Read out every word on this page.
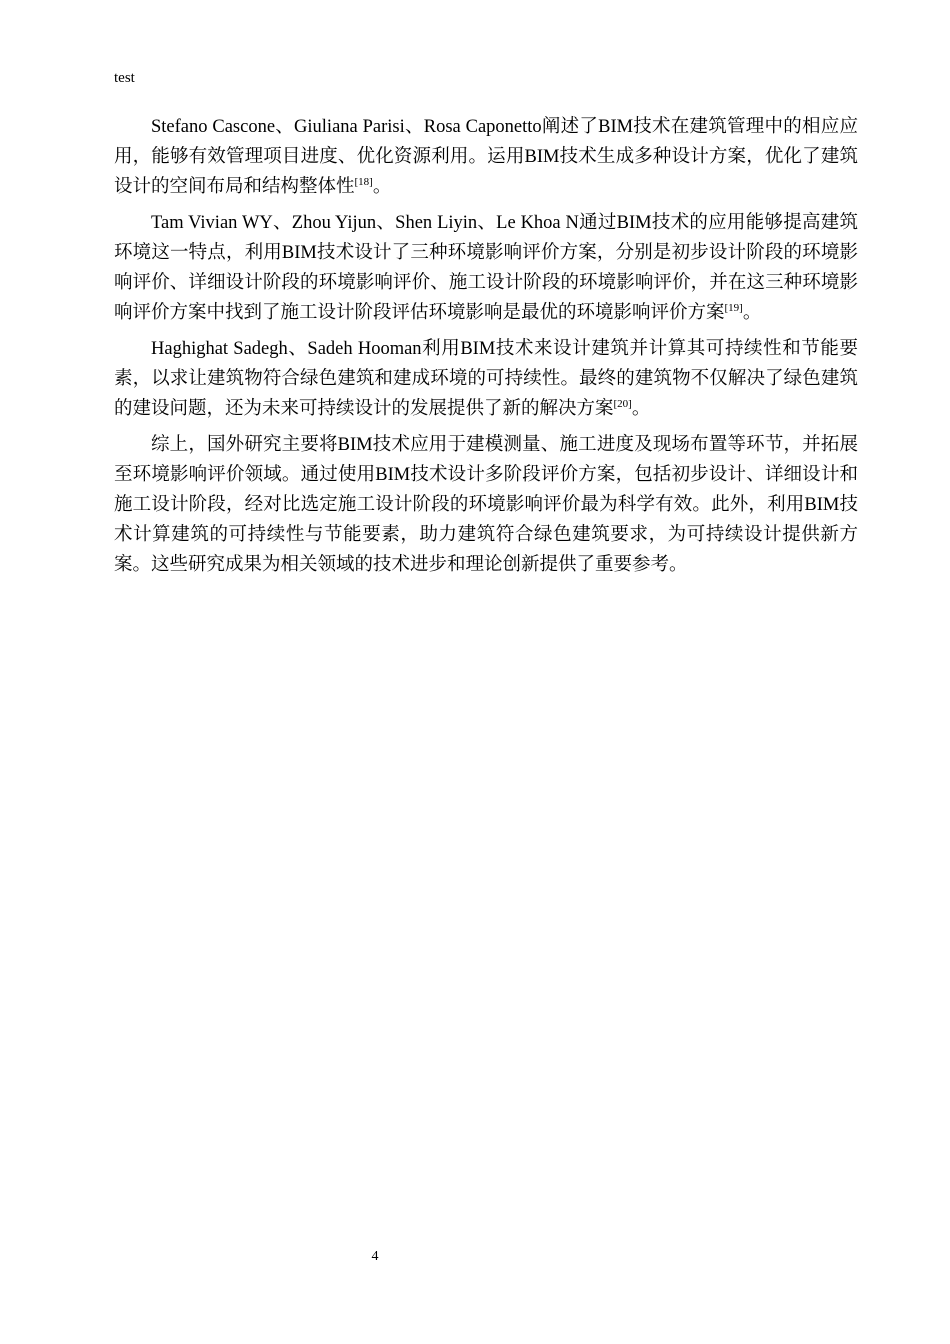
test

Stefano Cascone、Giuliana Parisi、Rosa Caponetto阐述了BIM技术在建筑管理中的相应应用，能够有效管理项目进度、优化资源利用。运用BIM技术生成多种设计方案，优化了建筑设计的空间布局和结构整体性[18]。

Tam Vivian WY、Zhou Yijun、Shen Liyin、Le Khoa N通过BIM技术的应用能够提高建筑环境这一特点，利用BIM技术设计了三种环境影响评价方案，分别是初步设计阶段的环境影响评价、详细设计阶段的环境影响评价、施工设计阶段的环境影响评价，并在这三种环境影响评价方案中找到了施工设计阶段评估环境影响是最优的环境影响评价方案[19]。

Haghighat Sadegh、Sadeh Hooman利用BIM技术来设计建筑并计算其可持续性和节能要素，以求让建筑物符合绿色建筑和建成环境的可持续性。最终的建筑物不仅解决了绿色建筑的建设问题，还为未来可持续设计的发展提供了新的解决方案[20]。

综上，国外研究主要将BIM技术应用于建模测量、施工进度及现场布置等环节，并拓展至环境影响评价领域。通过使用BIM技术设计多阶段评价方案，包括初步设计、详细设计和施工设计阶段，经对比选定施工设计阶段的环境影响评价最为科学有效。此外，利用BIM技术计算建筑的可持续性与节能要素，助力建筑符合绿色建筑要求，为可持续设计提供新方案。这些研究成果为相关领域的技术进步和理论创新提供了重要参考。

4
